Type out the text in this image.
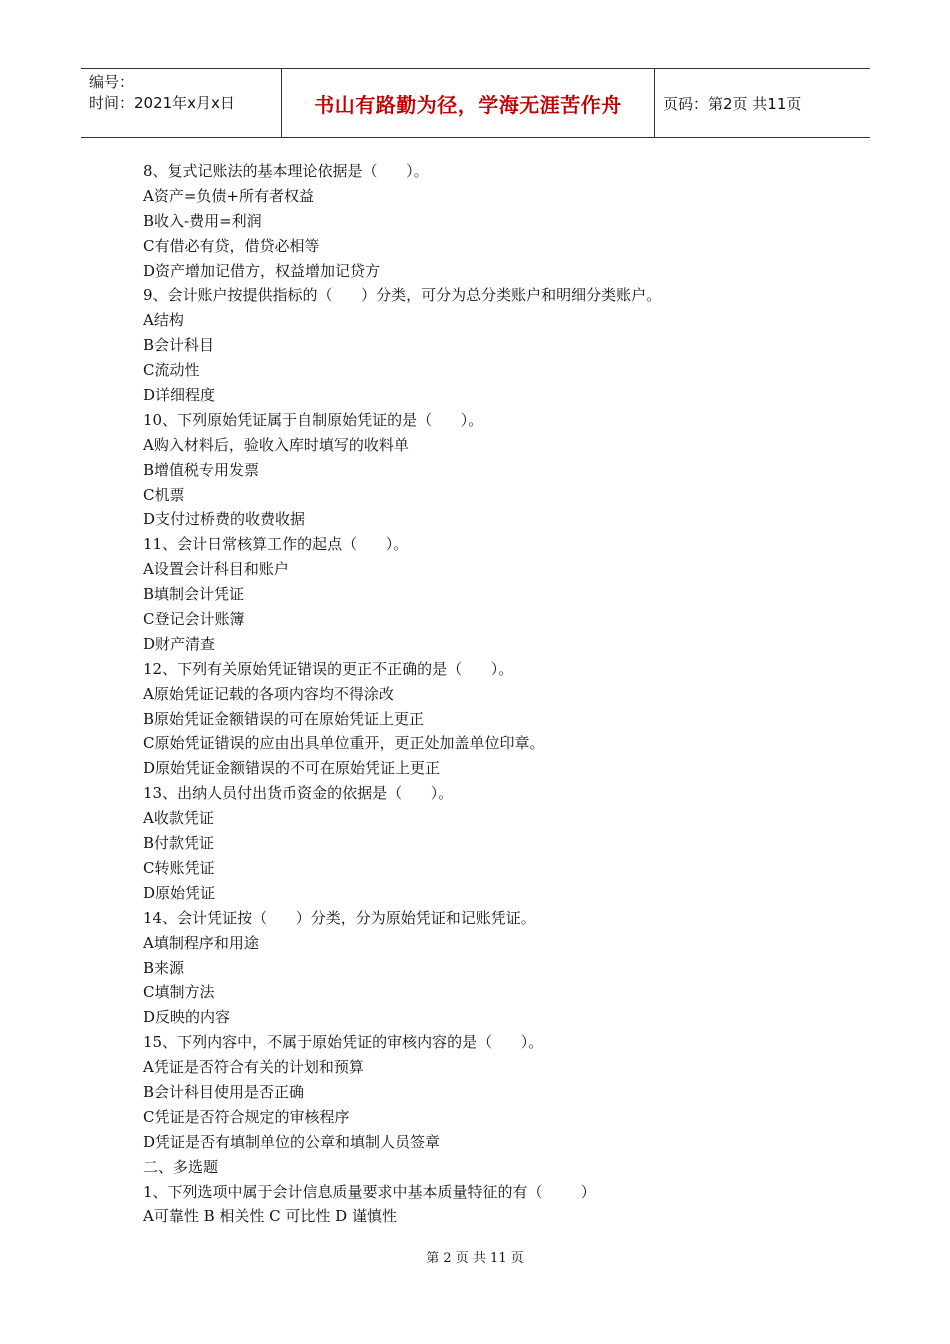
编号：
时间：2021年x月x日	书山有路勤为径，学海无涯苦作舟	页码：第2页 共11页
8、复式记账法的基本理论依据是（      ）。
A资产=负债+所有者权益
B收入-费用=利润
C有借必有贷，借贷必相等
D资产增加记借方，权益增加记贷方
9、会计账户按提供指标的（      ）分类，可分为总分类账户和明细分类账户。
A结构
B会计科目
C流动性
D详细程度
10、下列原始凭证属于自制原始凭证的是（      ）。
A购入材料后，验收入库时填写的收料单
B增值税专用发票
C机票
D支付过桥费的收费收据
11、会计日常核算工作的起点（      ）。
A设置会计科目和账户
B填制会计凭证
C登记会计账簿
D财产清查
12、下列有关原始凭证错误的更正不正确的是（      ）。
A原始凭证记载的各项内容均不得涂改
B原始凭证金额错误的可在原始凭证上更正
C原始凭证错误的应由出具单位重开，更正处加盖单位印章。
D原始凭证金额错误的不可在原始凭证上更正
13、出纳人员付出货币资金的依据是（      ）。
A收款凭证
B付款凭证
C转账凭证
D原始凭证
14、会计凭证按（      ）分类，分为原始凭证和记账凭证。
A填制程序和用途
B来源
C填制方法
D反映的内容
15、下列内容中，不属于原始凭证的审核内容的是（      ）。
A凭证是否符合有关的计划和预算
B会计科目使用是否正确
C凭证是否符合规定的审核程序
D凭证是否有填制单位的公章和填制人员签章
二、多选题
1、下列选项中属于会计信息质量要求中基本质量特征的有（        ）
A可靠性 B 相关性 C 可比性 D 谨慎性
第 2 页 共 11 页
